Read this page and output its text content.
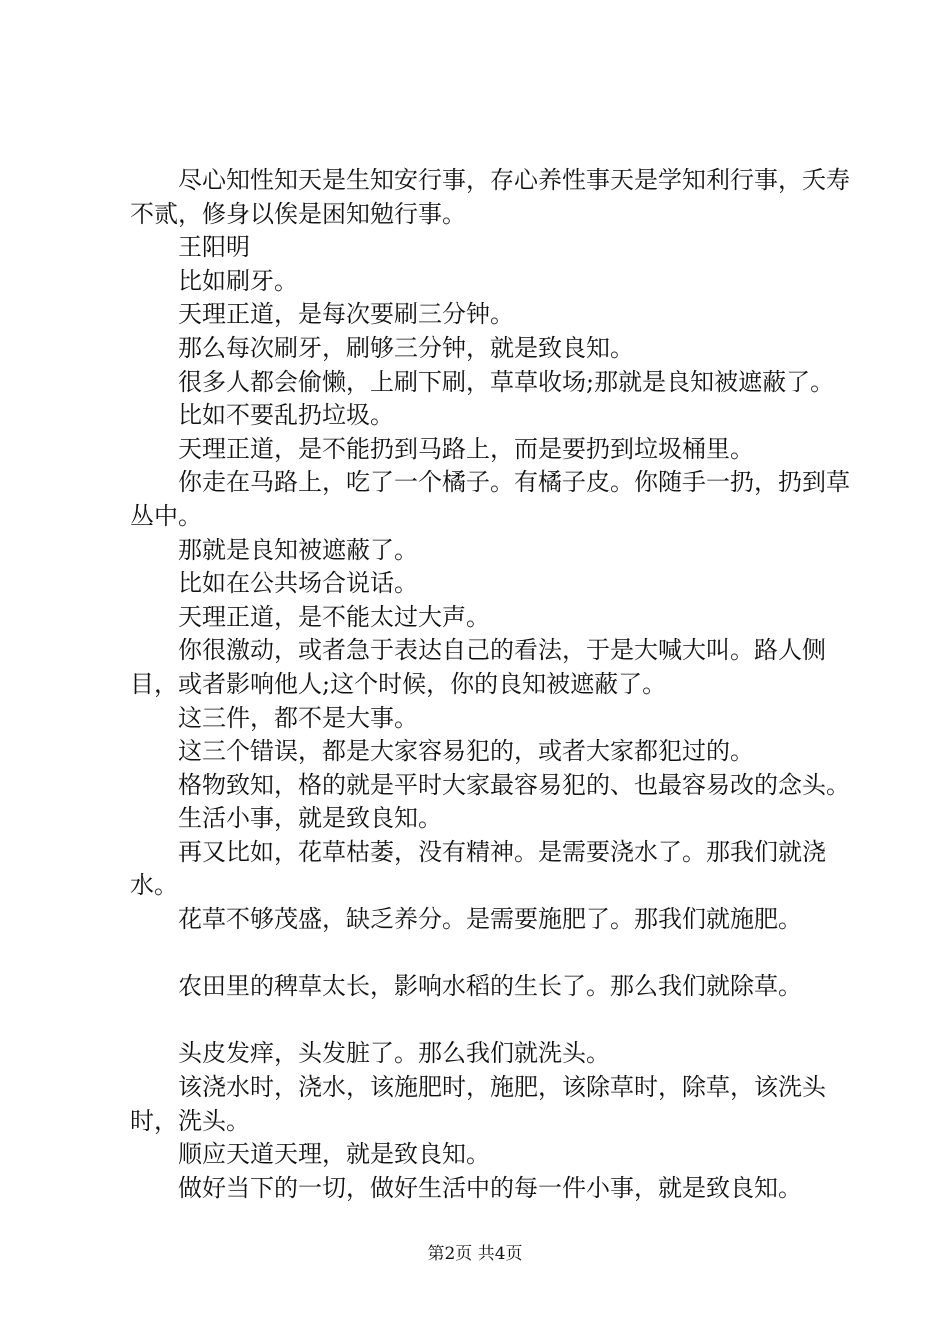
尽心知性知天是生知安行事，存心养性事天是学知利行事，夭寿不贰，修身以俟是困知勉行事。

王阳明

比如刷牙。

天理正道，是每次要刷三分钟。

那么每次刷牙，刷够三分钟，就是致良知。

很多人都会偷懒，上刷下刷，草草收场;那就是良知被遮蔽了。

比如不要乱扔垃圾。

天理正道，是不能扔到马路上，而是要扔到垃圾桶里。

你走在马路上，吃了一个橘子。有橘子皮。你随手一扔，扔到草丛中。

那就是良知被遮蔽了。

比如在公共场合说话。

天理正道，是不能太过大声。

你很激动，或者急于表达自己的看法，于是大喊大叫。路人侧目，或者影响他人;这个时候，你的良知被遮蔽了。

这三件，都不是大事。

这三个错误，都是大家容易犯的，或者大家都犯过的。

格物致知，格的就是平时大家最容易犯的、也最容易改的念头。

生活小事，就是致良知。

再又比如，花草枯萎，没有精神。是需要浇水了。那我们就浇水。

花草不够茂盛，缺乏养分。是需要施肥了。那我们就施肥。

农田里的稗草太长，影响水稻的生长了。那么我们就除草。

头皮发痒，头发脏了。那么我们就洗头。

该浇水时，浇水，该施肥时，施肥，该除草时，除草，该洗头时，洗头。

顺应天道天理，就是致良知。

做好当下的一切，做好生活中的每一件小事，就是致良知。

第2页 共4页
